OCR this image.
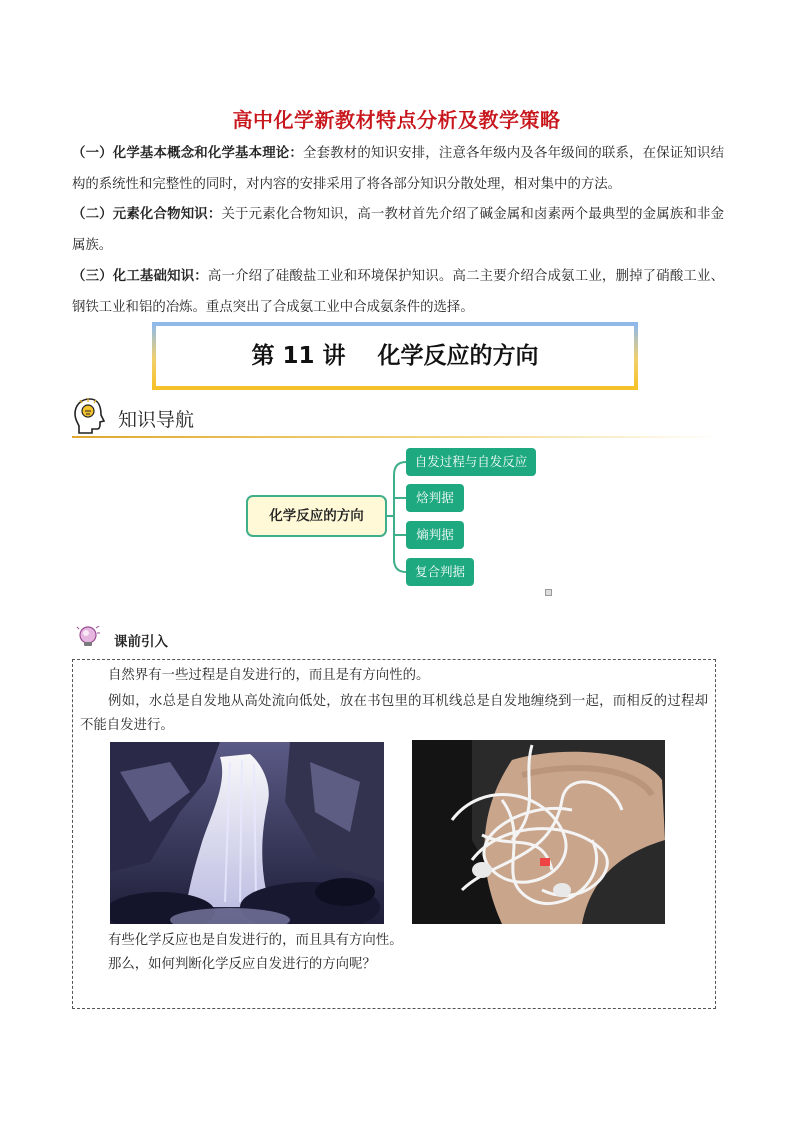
高中化学新教材特点分析及教学策略
（一）化学基本概念和化学基本理论：全套教材的知识安排，注意各年级内及各年级间的联系，在保证知识结构的系统性和完整性的同时，对内容的安排采用了将各部分知识分散处理，相对集中的方法。
（二）元素化合物知识：关于元素化合物知识，高一教材首先介绍了碱金属和卤素两个最典型的金属族和非金属族。
（三）化工基础知识：高一介绍了硅酸盐工业和环境保护知识。高二主要介绍合成氨工业，删掉了硝酸工业、钢铁工业和铝的冶炼。重点突出了合成氨工业中合成氨条件的选择。
第 11 讲 化学反应的方向
知识导航
化学反应的方向
自发过程与自发反应
焓判据
熵判据
复合判据
课前引入
自然界有一些过程是自发进行的，而且是有方向性的。
例如，水总是自发地从高处流向低处，放在书包里的耳机线总是自发地缠绕到一起，而相反的过程却不能自发进行。
有些化学反应也是自发进行的，而且具有方向性。
那么，如何判断化学反应自发进行的方向呢？
